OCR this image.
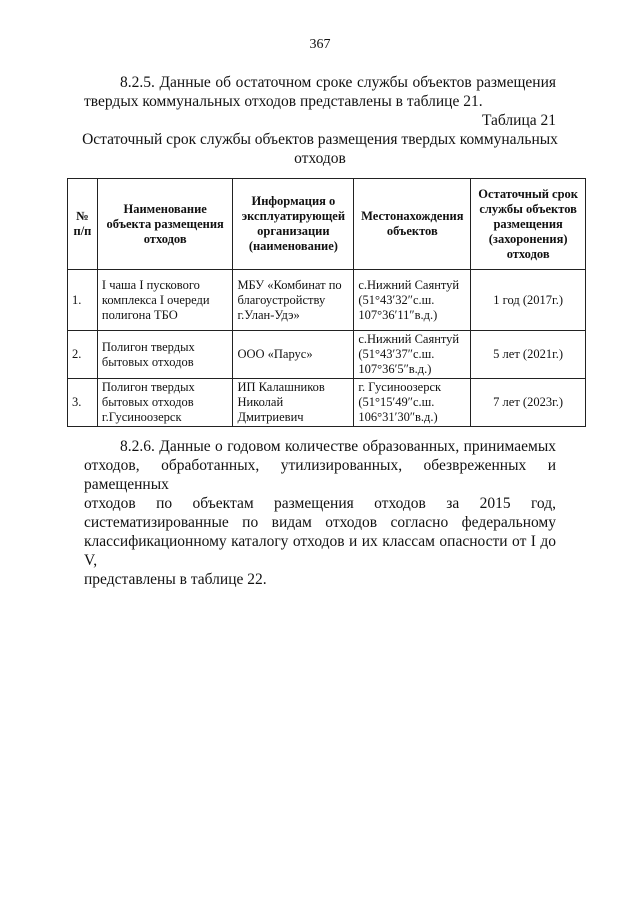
367
8.2.5. Данные об остаточном сроке службы объектов размещения
твердых коммунальных отходов представлены в таблице 21.
Таблица 21
Остаточный срок службы объектов размещения твердых коммунальных
отходов
№ п/п	Наименование объекта размещения отходов	Информация о эксплуатирующей организации (наименование)	Местонахождения объектов	Остаточный срок службы объектов размещения (захоронения) отходов
1.	I чаша I пускового комплекса I очереди полигона ТБО	МБУ «Комбинат по благоустройству г.Улан-Удэ»	с.Нижний Саянтуй (51°43′32″с.ш. 107°36′11″в.д.)	1 год (2017г.)
2.	Полигон твердых бытовых отходов	ООО «Парус»	с.Нижний Саянтуй (51°43′37″с.ш. 107°36′5″в.д.)	5 лет (2021г.)
3.	Полигон твердых бытовых отходов г.Гусиноозерск	ИП Калашников Николай Дмитриевич	г. Гусиноозерск (51°15′49″с.ш. 106°31′30″в.д.)	7 лет (2023г.)
8.2.6. Данные о годовом количестве образованных, принимаемых
отходов, обработанных, утилизированных, обезвреженных и рамещенных
отходов по объектам размещения отходов за 2015 год,
систематизированные по видам отходов согласно федеральному
классификационному каталогу отходов и их классам опасности от I до V,
представлены в таблице 22.
